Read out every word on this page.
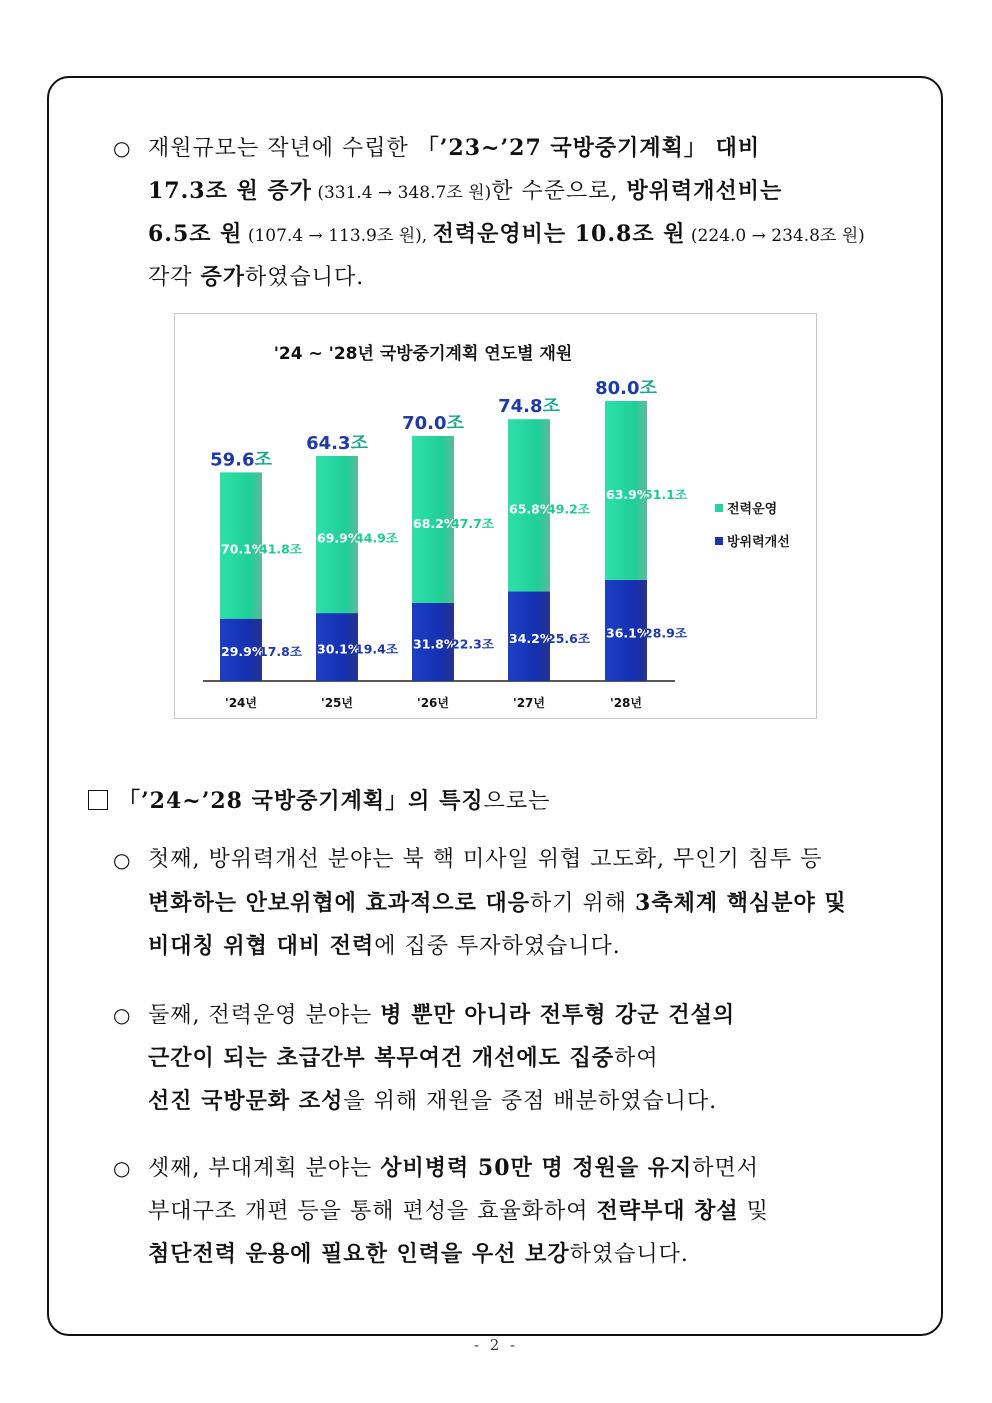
○ 재원규모는 작년에 수립한 「’23~’27 국방중기계획」 대비
17.3조 원 증가 (331.4 → 348.7조 원)한 수준으로, 방위력개선비는
6.5조 원 (107.4 → 113.9조 원), 전력운영비는 10.8조 원 (224.0 → 234.8조 원)
각각 증가하였습니다.
'24 ~ '28년 국방중기계획 연도별 재원
59.6조
70.1%
41.8조
29.9%
17.8조
'24년
64.3조
69.9%
44.9조
30.1%
19.4조
'25년
70.0조
68.2%
47.7조
31.8%
22.3조
'26년
74.8조
65.8%
49.2조
34.2%
25.6조
'27년
80.0조
63.9%
51.1조
36.1%
28.9조
'28년
전력운영
방위력개선
「’24~’28 국방중기계획」의 특징으로는
○ 첫째, 방위력개선 분야는 북 핵 미사일 위협 고도화, 무인기 침투 등
변화하는 안보위협에 효과적으로 대응하기 위해 3축체계 핵심분야 및
비대칭 위협 대비 전력에 집중 투자하였습니다.
○ 둘째, 전력운영 분야는 병 뿐만 아니라 전투형 강군 건설의
근간이 되는 초급간부 복무여건 개선에도 집중하여
선진 국방문화 조성을 위해 재원을 중점 배분하였습니다.
○ 셋째, 부대계획 분야는 상비병력 50만 명 정원을 유지하면서
부대구조 개편 등을 통해 편성을 효율화하여 전략부대 창설 및
첨단전력 운용에 필요한 인력을 우선 보강하였습니다.
- 2 -
